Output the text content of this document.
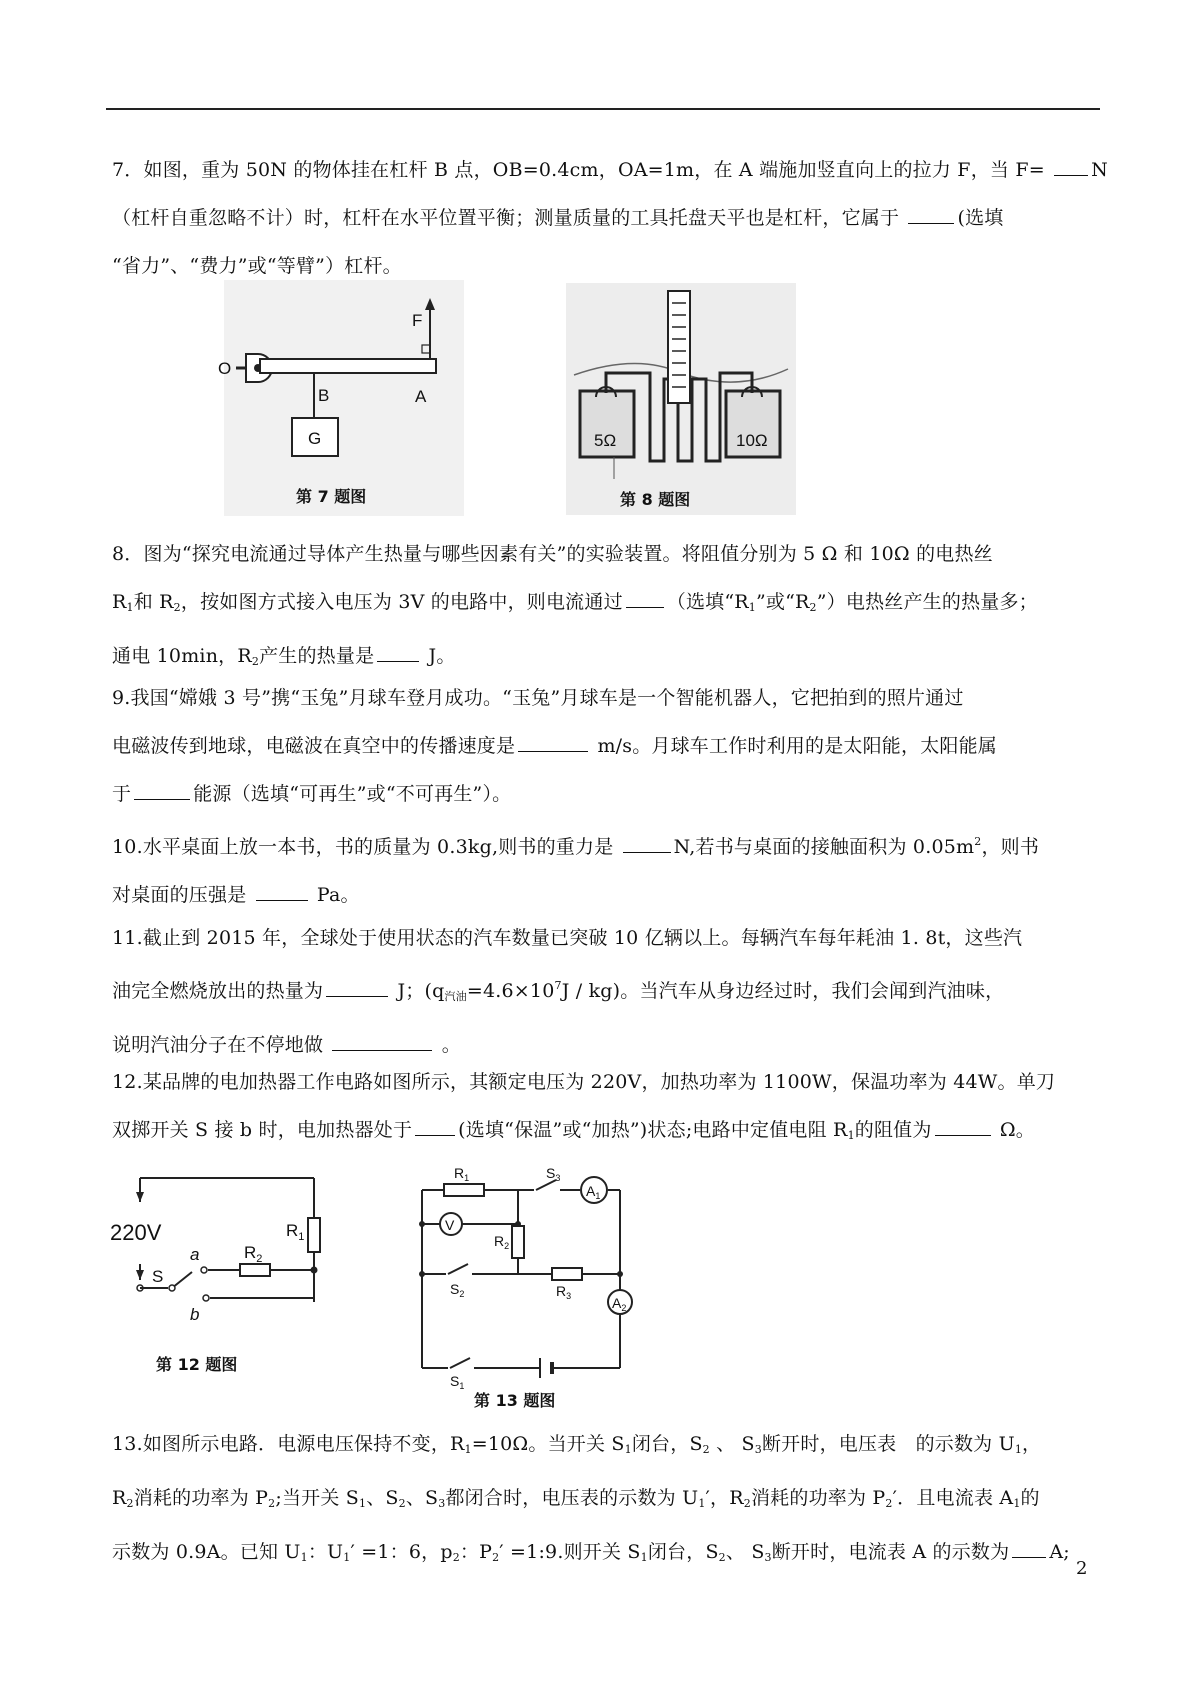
7．如图，重为 50N 的物体挂在杠杆 B 点，OB=0.4cm，OA=1m，在 A 端施加竖直向上的拉力 F，当 F= N
（杠杆自重忽略不计）时，杠杆在水平位置平衡；测量质量的工具托盘天平也是杠杆，它属于	(选填
“省力”、“费力”或“等臂”）杠杆。
O
B	A
F
G
第 7 题图
5Ω	10Ω
第 8 题图
8．图为“探究电流通过导体产生热量与哪些因素有关”的实验装置。将阻值分别为 5 Ω 和 10Ω 的电热丝
$R_1$和 $R_2$，按如图方式接入电压为 3V 的电路中，则电流通过 （选填“$R_1$”或“$R_2$”）电热丝产生的热量多；
通电 10min，$R_2$产生的热量是	J。
9.我国“嫦娥 3 号”携“玉兔”月球车登月成功。“玉兔”月球车是一个智能机器人，它把拍到的照片通过
电磁波传到地球，电磁波在真空中的传播速度是	m/s。月球车工作时利用的是太阳能，太阳能属
于	能源（选填“可再生”或“不可再生”）。
10.水平桌面上放一本书，书的质量为 0.3kg,则书的重力是	N,若书与桌面的接触面积为 $0.05m^2$，则书
对桌面的压强是	Pa。
11.截止到 2015 年，全球处于使用状态的汽车数量已突破 10 亿辆以上。每辆汽车每年耗油 1. 8t，这些汽
油完全燃烧放出的热量为	J；$(q_{汽油}=4.6\times 10^7J / kg)$。当汽车从身边经过时，我们会闻到汽油味，
说明汽油分子在不停地做	。
12.某品牌的电加热器工作电路如图所示，其额定电压为 220V，加热功率为 1100W，保温功率为 44W。单刀
双掷开关 S 接 b 时，电加热器处于 (选填“保温”或“加热”)状态;电路中定值电阻 $R_1$的阻值为	Ω。
220V	$R_1$
$R_2$
S
a
b
第 12 题图
V
$A_1$
$A_2$
$R_1$
$R_2$
$R_3$
$S_3$
$S_2$
$S_1$
第 13 题图
13.如图所示电路．电源电压保持不变，$R_1=10\Omega$。当开关 $S_1$闭台，$S_2$ 、 $S_3$断开时，电压表　的示数为 $U_1$，
$R_2$消耗的功率为 $P_2$;当开关 $S_1$、$S_2$、$S_3$都闭合时，电压表的示数为 $U_1'$，$R_2$消耗的功率为 $P_2'$．且电流表 $A_1$的
示数为 0.9A。已知 $U_1$：$U_1' =1$：6，$p_2$：$P_2'$ =1:9.则开关 $S_1$闭台，$S_2$、 $S_3$断开时，电流表 A 的示数为 A;
2
